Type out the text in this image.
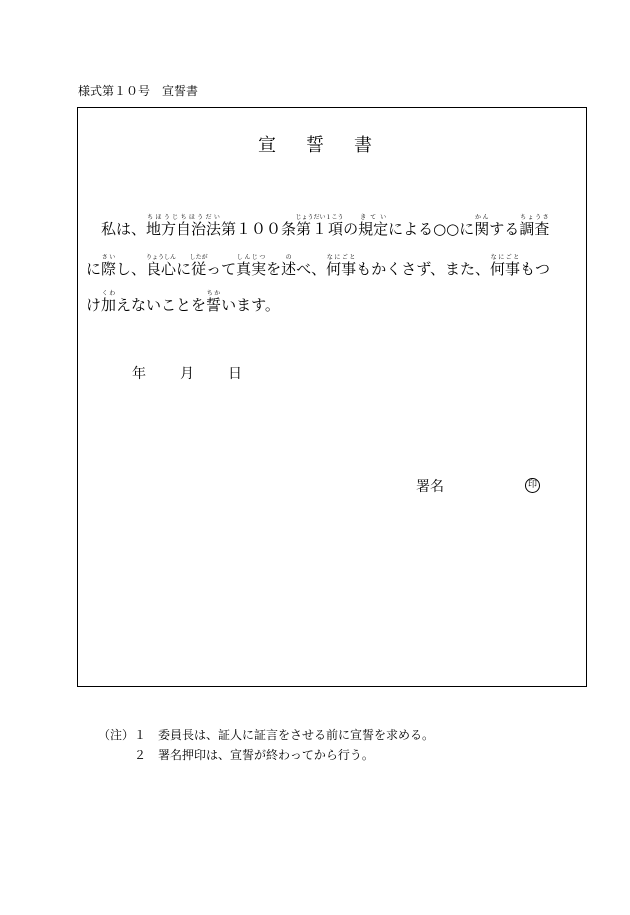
様式第１０号　宣誓書
宣誓書
　私は、地方自治法ちほうじちほうだい第１００条第１項じょうだい１こうの規定きていによる○○に関かんする調査ちょうさ
に際さいし、良心りょうしんに従したがって真実しんじつを述のべ、何事なにごともかくさず、また、何事なにごともつ
け加くわえないことを誓ちかいます。
年 月 日
署名	印
（注）１ 委員長は、証人に証言をさせる前に宣誓を求める。
２ 署名押印は、宣誓が終わってから行う。
